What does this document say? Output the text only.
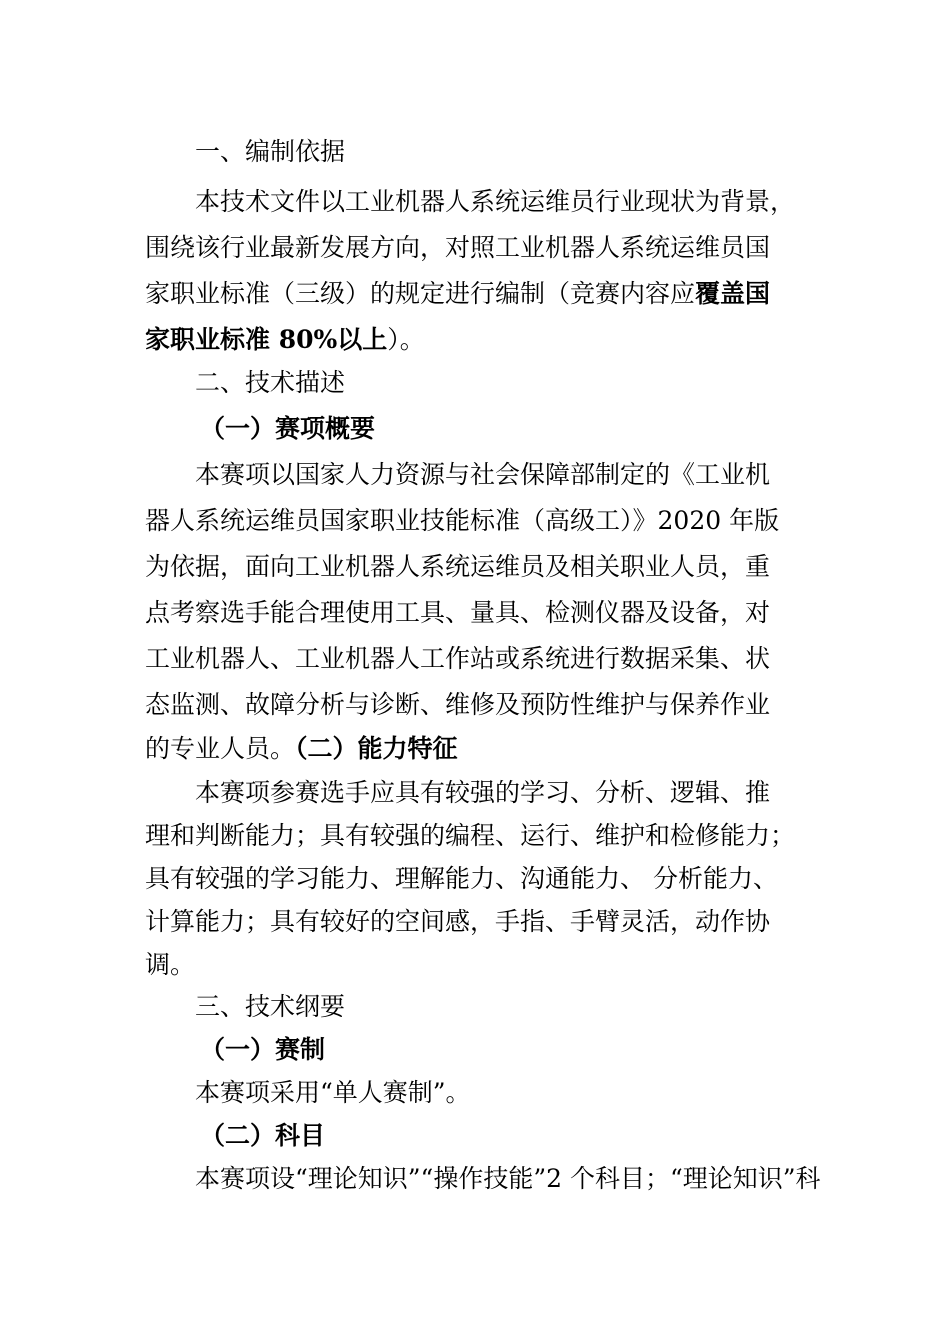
一、编制依据
本技术文件以工业机器人系统运维员行业现状为背景，
围绕该行业最新发展方向，对照工业机器人系统运维员国
家职业标准（三级）的规定进行编制（竞赛内容应覆盖国
家职业标准 80%以上）。
二、技术描述
（一）赛项概要
本赛项以国家人力资源与社会保障部制定的《工业机
器人系统运维员国家职业技能标准（高级工）》2020 年版
为依据，面向工业机器人系统运维员及相关职业人员，重
点考察选手能合理使用工具、量具、检测仪器及设备，对
工业机器人、工业机器人工作站或系统进行数据采集、状
态监测、故障分析与诊断、维修及预防性维护与保养作业
的专业人员。（二）能力特征
本赛项参赛选手应具有较强的学习、分析、逻辑、推
理和判断能力；具有较强的编程、运行、维护和检修能力；
具有较强的学习能力、理解能力、沟通能力、 分析能力、
计算能力；具有较好的空间感，手指、手臂灵活，动作协
调。
三、技术纲要
（一）赛制
本赛项采用“单人赛制”。
（二）科目
本赛项设“理论知识”“操作技能”2 个科目；“理论知识”科
